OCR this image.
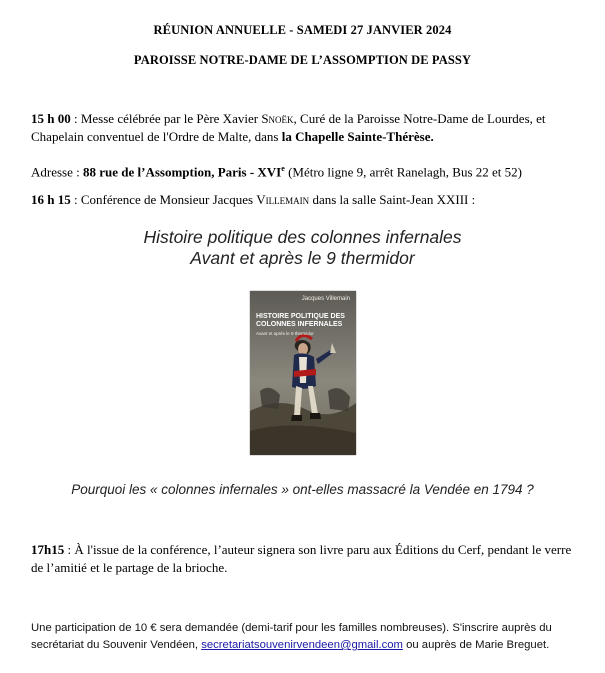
RÉUNION ANNUELLE - SAMEDI 27 JANVIER 2024
PAROISSE NOTRE-DAME DE L’ASSOMPTION DE PASSY
15 h 00 : Messe célébrée par le Père Xavier Snoëk, Curé de la Paroisse Notre-Dame de Lourdes, et Chapelain conventuel de l'Ordre de Malte, dans la Chapelle Sainte-Thérèse.
Adresse : 88 rue de l’Assomption, Paris - XVIe (Métro ligne 9, arrêt Ranelagh, Bus 22 et 52)
16 h 15 : Conférence de Monsieur Jacques Villemain dans la salle Saint-Jean XXIII :
Histoire politique des colonnes infernales
Avant et après le 9 thermidor
Jacques Villemain
HISTOIRE POLITIQUE DES
COLONNES INFERNALES
Avant et après le 9 thermidor
Pourquoi les « colonnes infernales » ont-elles massacré la Vendée en 1794 ?
17h15 : À l'issue de la conférence, l’auteur signera son livre paru aux Éditions du Cerf, pendant le verre de l’amitié et le partage de la brioche.
Une participation de 10 € sera demandée (demi-tarif pour les familles nombreuses). S'inscrire auprès du secrétariat du Souvenir Vendéen, secretariatsouvenirvendeen@gmail.com ou auprès de Marie Breguet.
